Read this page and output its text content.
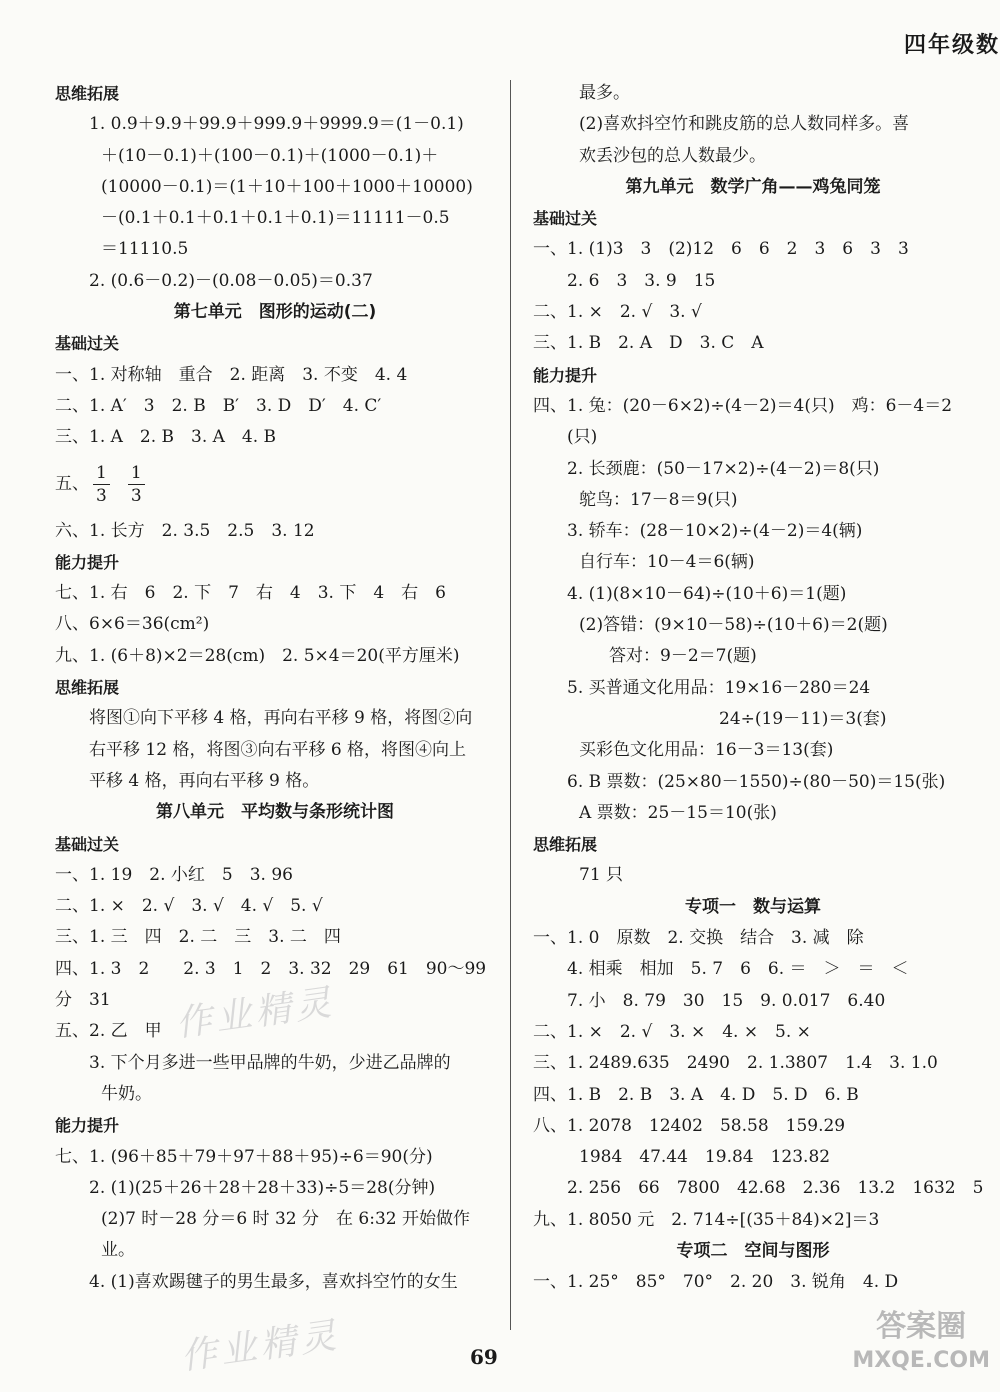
四年级数
思维拓展
1. 0.9＋9.9＋99.9＋999.9＋9999.9＝(1－0.1)
＋(10－0.1)＋(100－0.1)＋(1000－0.1)＋
(10000－0.1)＝(1＋10＋100＋1000＋10000)
－(0.1＋0.1＋0.1＋0.1＋0.1)＝11111－0.5
＝11110.5
2. (0.6－0.2)－(0.08－0.05)＝0.37
第七单元　图形的运动(二)
基础过关
一、1. 对称轴　重合　2. 距离　3. 不变　4. 4
二、1. A′　3　2. B　B′　3. D　D′　4. C′
三、1. A　2. B　3. A　4. B
五、 $\frac{1}{3} \frac{1}{3}$
六、1. 长方　2. 3.5　2.5　3. 12
能力提升
七、1. 右　6　2. 下　7　右　4　3. 下　4　右　6
八、6×6＝36(cm²)
九、1. (6＋8)×2＝28(cm)　2. 5×4＝20(平方厘米)
思维拓展
将图①向下平移 4 格，再向右平移 9 格，将图②向
右平移 12 格，将图③向右平移 6 格，将图④向上
平移 4 格，再向右平移 9 格。
第八单元　平均数与条形统计图
基础过关
一、1. 19　2. 小红　5　3. 96
二、1. ×　2. √　3. √　4. √　5. √
三、1. 三　四　2. 二　三　3. 二　四
四、1. 3　2　　2. 3　1　2　3. 32　29　61　90～99
分　31
五、2. 乙　甲
3. 下个月多进一些甲品牌的牛奶，少进乙品牌的
牛奶。
能力提升
七、1. (96＋85＋79＋97＋88＋95)÷6＝90(分)
2. (1)(25＋26＋28＋28＋33)÷5＝28(分钟)
(2)7 时－28 分＝6 时 32 分　在 6:32 开始做作
业。
4. (1)喜欢踢毽子的男生最多，喜欢抖空竹的女生
最多。
(2)喜欢抖空竹和跳皮筋的总人数同样多。喜
欢丢沙包的总人数最少。
第九单元　数学广角——鸡兔同笼
基础过关
一、1. (1)3　3　(2)12　6　6　2　3　6　3　3
2. 6　3　3. 9　15
二、1. ×　2. √　3. √
三、1. B　2. A　D　3. C　A
能力提升
四、1. 兔：(20－6×2)÷(4－2)＝4(只)　鸡：6－4＝2
(只)
2. 长颈鹿：(50－17×2)÷(4－2)＝8(只)
鸵鸟：17－8＝9(只)
3. 轿车：(28－10×2)÷(4－2)＝4(辆)
自行车：10－4＝6(辆)
4. (1)(8×10－64)÷(10＋6)＝1(题)
(2)答错：(9×10－58)÷(10＋6)＝2(题)
答对：9－2＝7(题)
5. 买普通文化用品：19×16－280＝24
24÷(19－11)＝3(套)
买彩色文化用品：16－3＝13(套)
6. B 票数：(25×80－1550)÷(80－50)＝15(张)
A 票数：25－15＝10(张)
思维拓展
71 只
专项一　数与运算
一、1. 0　原数　2. 交换　结合　3. 减　除
4. 相乘　相加　5. 7　6　6. ＝　＞　＝　＜
7. 小　8. 79　30　15　9. 0.017　6.40
二、1. ×　2. √　3. ×　4. ×　5. ×
三、1. 2489.635　2490　2. 1.3807　1.4　3. 1.0
四、1. B　2. B　3. A　4. D　5. D　6. B
八、1. 2078　12402　58.58　159.29
1984　47.44　19.84　123.82
2. 256　66　7800　42.68　2.36　13.2　1632　5
九、1. 8050 元　2. 714÷[(35＋84)×2]＝3
专项二　空间与图形
一、1. 25°　85°　70°　2. 20　3. 锐角　4. D
作业精灵
作业精灵	答案圈
MXQE.COM
69
